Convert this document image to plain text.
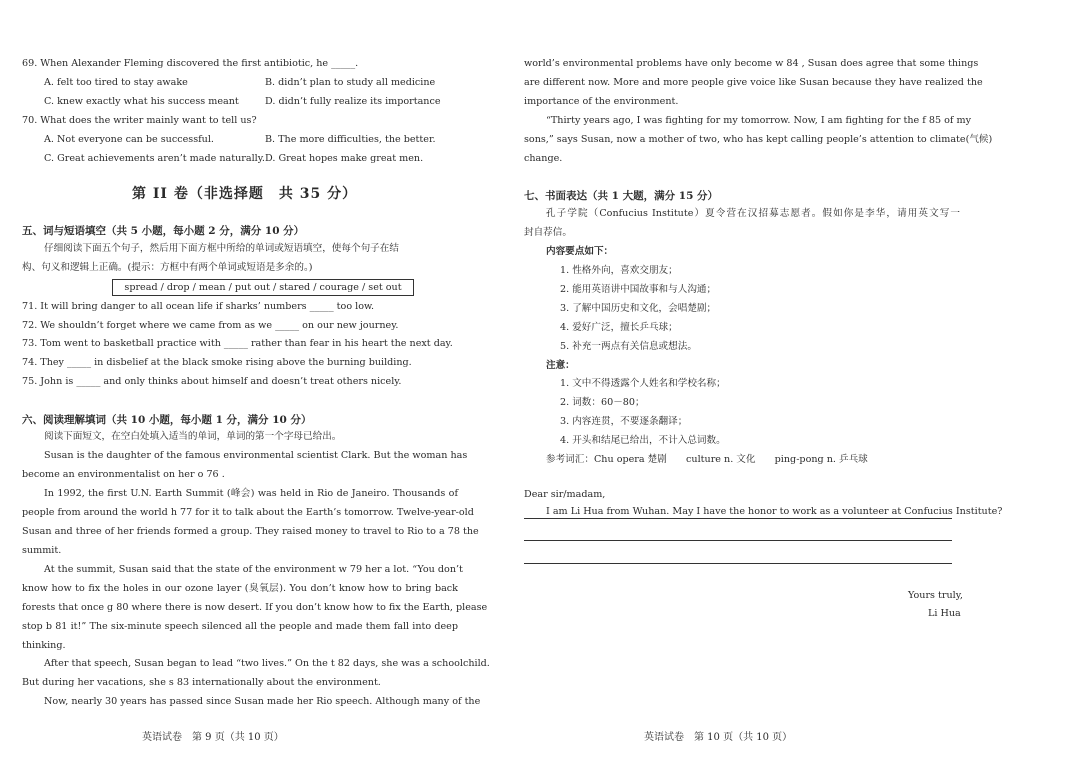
69. When Alexander Fleming discovered the first antibiotic, he _____.
A. felt too tired to stay awake	B. didn’t plan to study all medicine
C. knew exactly what his success meant	D. didn’t fully realize its importance
70. What does the writer mainly want to tell us?
A. Not everyone can be successful.	B. The more difficulties, the better.
C. Great achievements aren’t made naturally. D. Great hopes make great men.
第 II 卷（非选择题　共 35 分）
五、词与短语填空（共 5 小题，每小题 2 分，满分 10 分）
仔细阅读下面五个句子，然后用下面方框中所给的单词或短语填空，使每个句子在结
构、句义和逻辑上正确。(提示：方框中有两个单词或短语是多余的。)
spread / drop / mean / put out / stared / courage / set out
71. It will bring danger to all ocean life if sharks’ numbers _____ too low.
72. We shouldn’t forget where we came from as we _____ on our new journey.
73. Tom went to basketball practice with _____ rather than fear in his heart the next day.
74. They _____ in disbelief at the black smoke rising above the burning building.
75. John is _____ and only thinks about himself and doesn’t treat others nicely.
六、阅读理解填词（共 10 小题，每小题 1 分，满分 10 分）
阅读下面短文，在空白处填入适当的单词，单词的第一个字母已给出。
Susan is the daughter of the famous environmental scientist Clark. But the woman has
become an environmentalist on her o 76 .
In 1992, the first U.N. Earth Summit (峰会) was held in Rio de Janeiro. Thousands of
people from around the world h 77 for it to talk about the Earth’s tomorrow. Twelve-year-old
Susan and three of her friends formed a group. They raised money to travel to Rio to a 78 the
summit.
At the summit, Susan said that the state of the environment w 79 her a lot. “You don’t
know how to fix the holes in our ozone layer (臭氧层). You don’t know how to bring back
forests that once g 80 where there is now desert. If you don’t know how to fix the Earth, please
stop b 81 it!” The six-minute speech silenced all the people and made them fall into deep
thinking.
After that speech, Susan began to lead “two lives.” On the t 82 days, she was a schoolchild.
But during her vacations, she s 83 internationally about the environment.
Now, nearly 30 years has passed since Susan made her Rio speech. Although many of the
英语试卷　第 9 页（共 10 页）
world’s environmental problems have only become w 84 , Susan does agree that some things
are different now. More and more people give voice like Susan because they have realized the
importance of the environment.
“Thirty years ago, I was fighting for my tomorrow. Now, I am fighting for the f 85 of my
sons,” says Susan, now a mother of two, who has kept calling people’s attention to climate(气候)
change.
七、书面表达（共 1 大题，满分 15 分）
孔子学院（Confucius Institute）夏令营在汉招募志愿者。假如你是李华，请用英文写一
封自荐信。
内容要点如下：
1. 性格外向，喜欢交朋友；
2. 能用英语讲中国故事和与人沟通；
3. 了解中国历史和文化，会唱楚剧；
4. 爱好广泛，擅长乒乓球；
5. 补充一两点有关信息或想法。
注意：
1. 文中不得透露个人姓名和学校名称；
2. 词数：60－80；
3. 内容连贯，不要逐条翻译；
4. 开头和结尾已给出，不计入总词数。
参考词汇：Chu opera 楚剧　　culture n. 文化　　ping-pong n. 乒乓球
Dear sir/madam,
I am Li Hua from Wuhan. May I have the honor to work as a volunteer at Confucius Institute?
Yours truly,
Li Hua
英语试卷　第 10 页（共 10 页）
